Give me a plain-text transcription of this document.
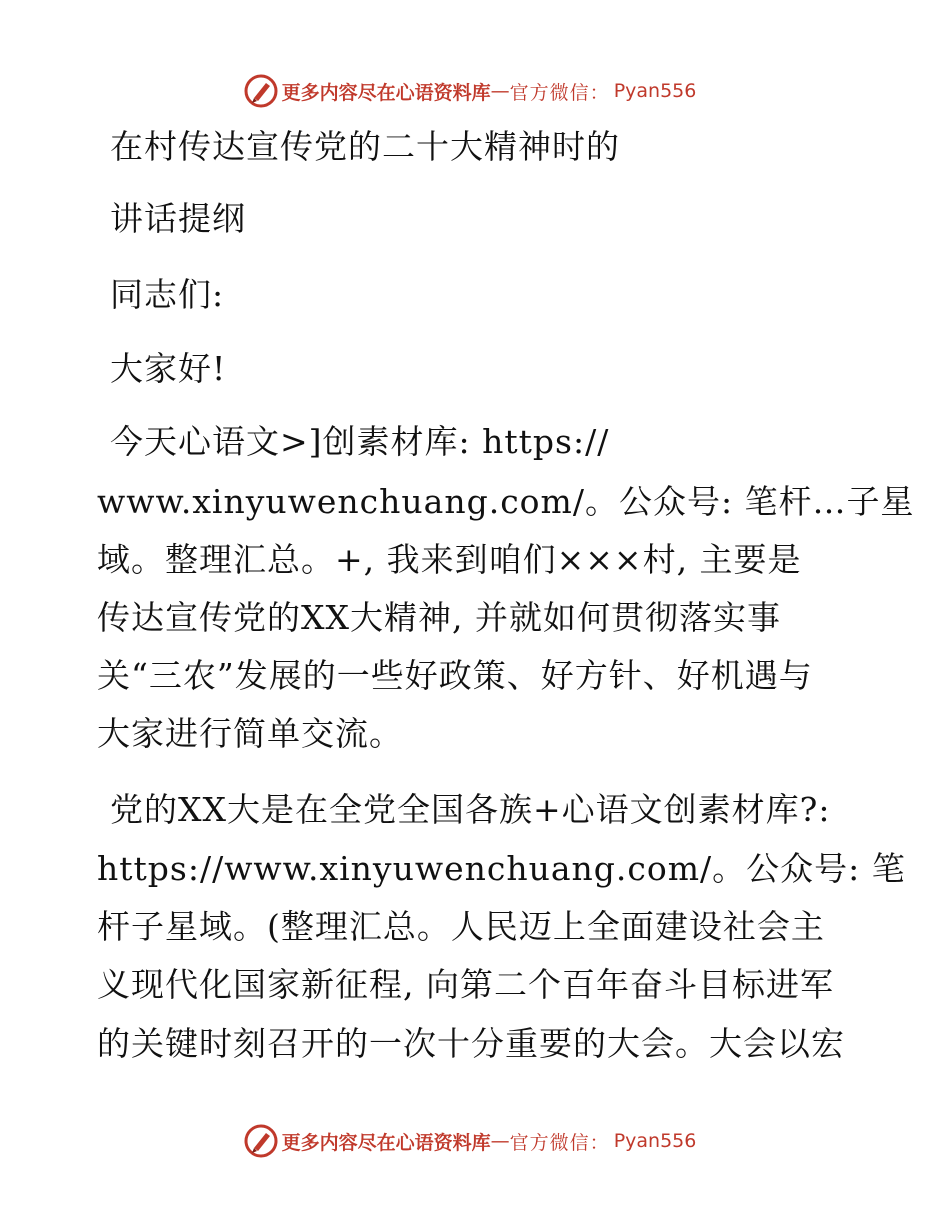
更多内容尽在心语资料库 — 官方微信： Pyan556
在村传达宣传党的二十大精神时的
讲话提纲
同志们:
大家好!
今天心语文>]创素材库: https://
www.xinyuwenchuang.com/。公众号: 笔杆…子星
域。整理汇总。+, 我来到咱们×××村, 主要是
传达宣传党的XX大精神, 并就如何贯彻落实事
关“三农”发展的一些好政策、好方针、好机遇与
大家进行简单交流。
党的XX大是在全党全国各族+心语文创素材库?:
https://www.xinyuwenchuang.com/。公众号: 笔
杆子星域。(整理汇总。人民迈上全面建设社会主
义现代化国家新征程, 向第二个百年奋斗目标进军
的关键时刻召开的一次十分重要的大会。大会以宏
更多内容尽在心语资料库 — 官方微信： Pyan556
